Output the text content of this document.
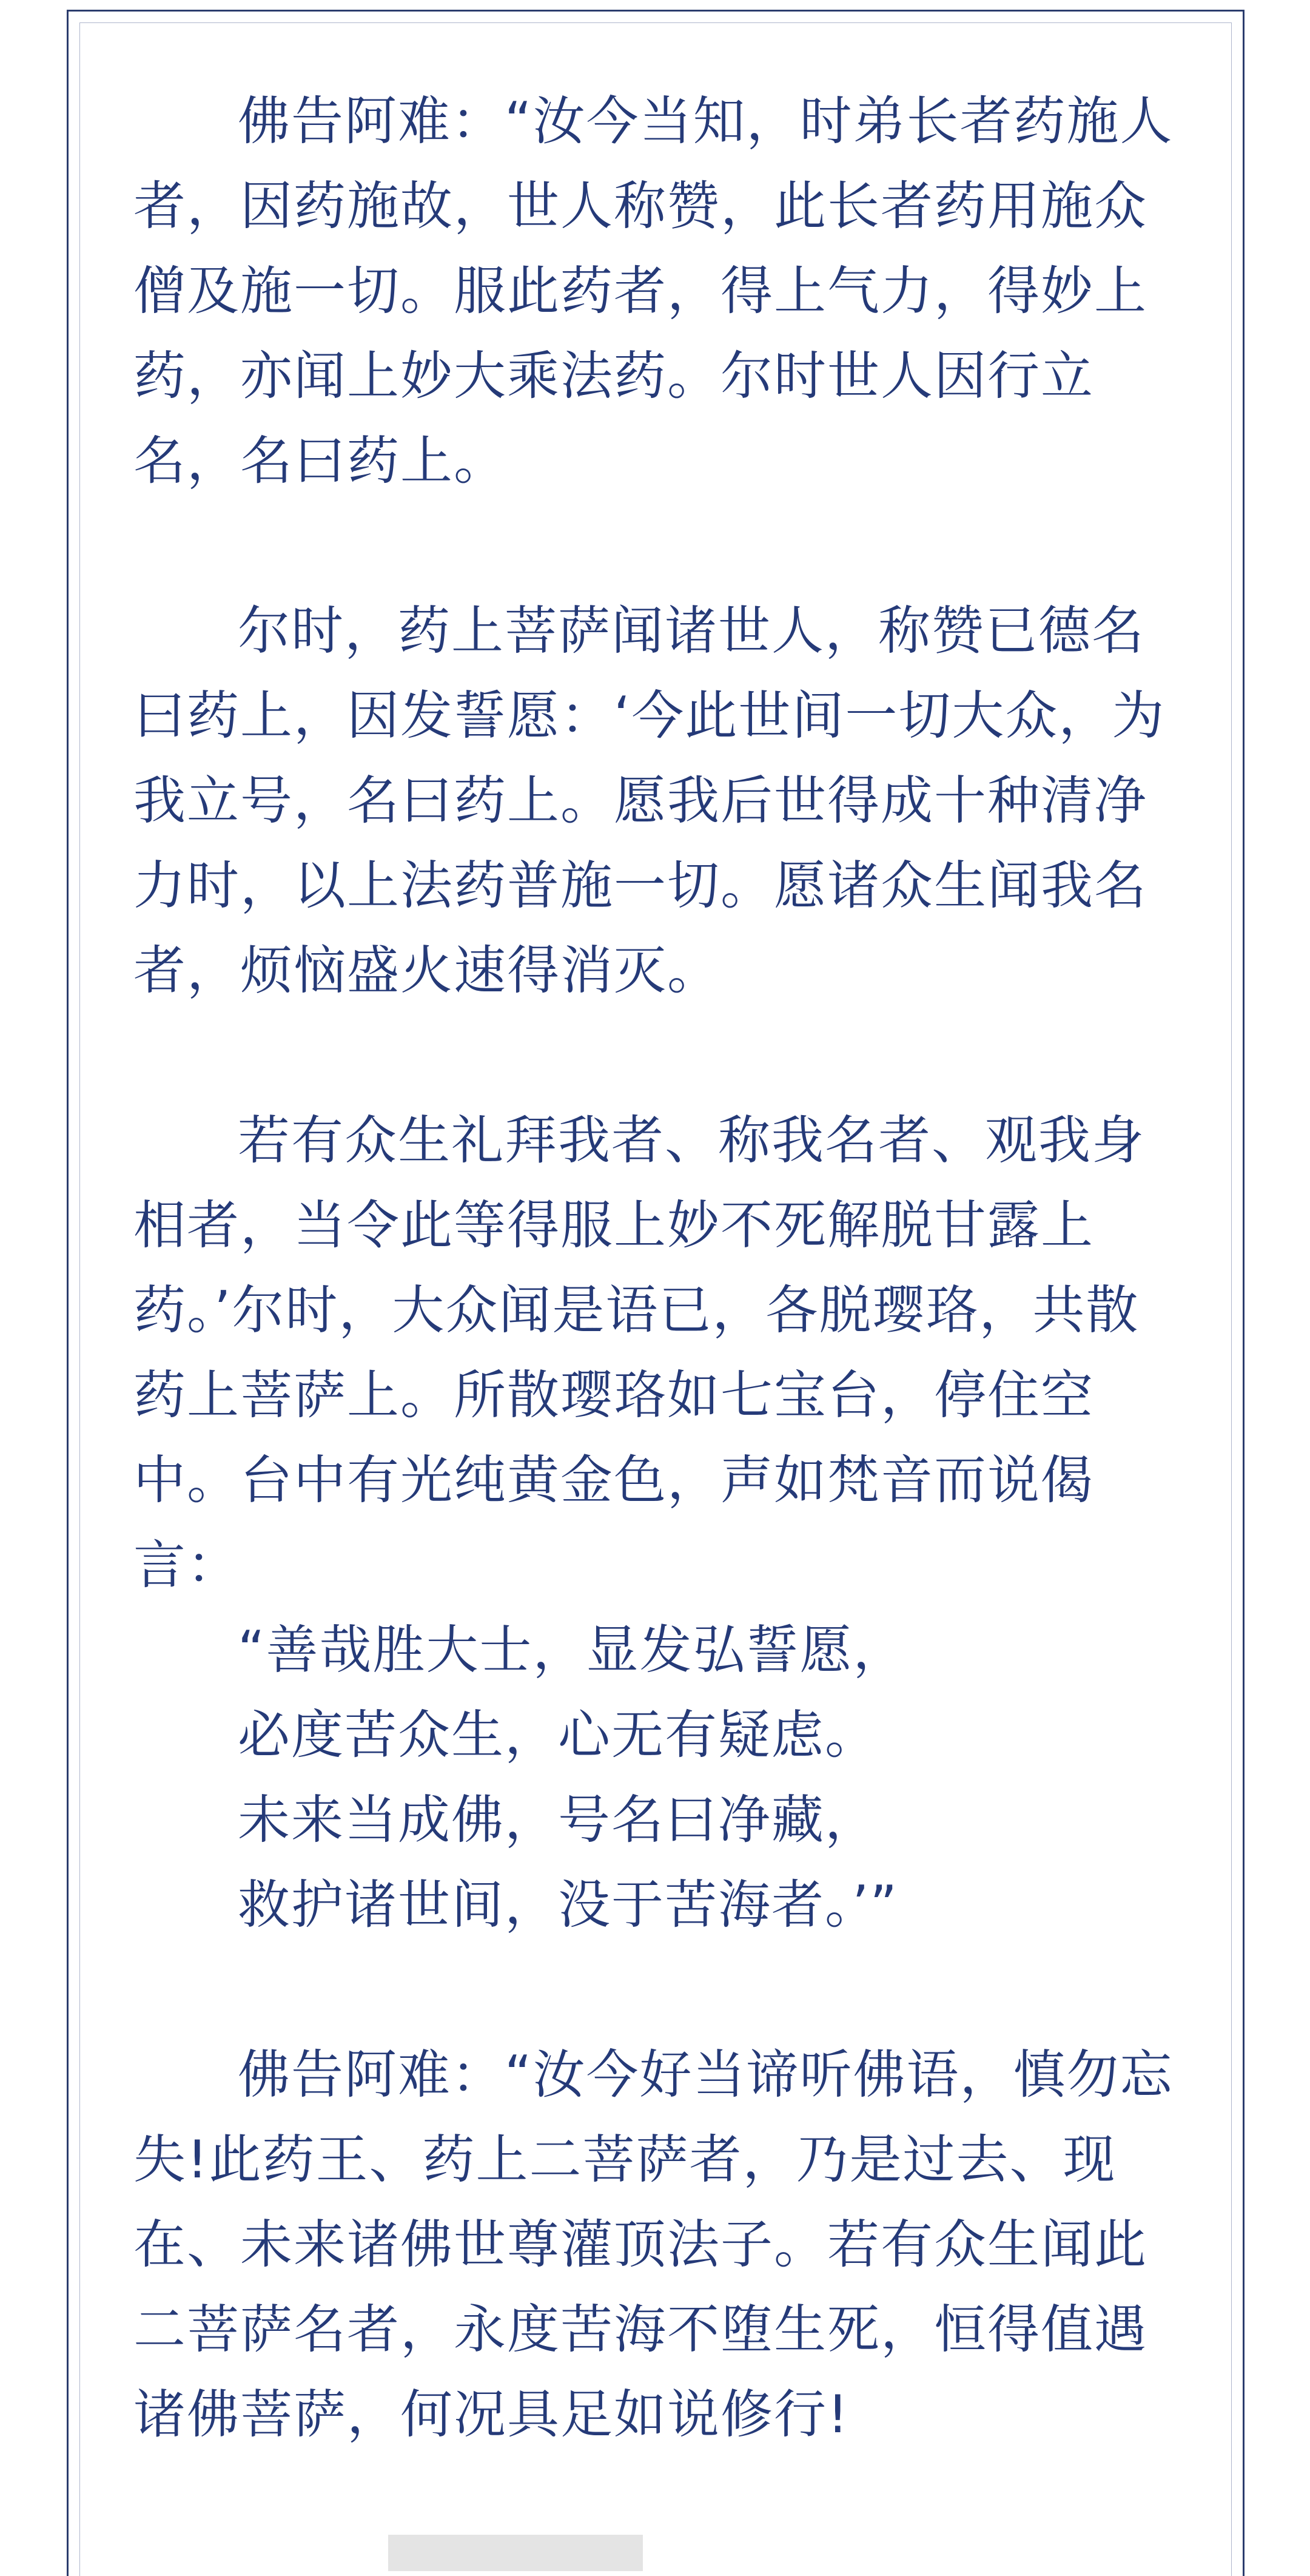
佛告阿难：“汝今当知，时弟长者药施人者，因药施故，世人称赞，此长者药用施众僧及施一切。服此药者，得上气力，得妙上药，亦闻上妙大乘法药。尔时世人因行立名，名曰药上。

尔时，药上菩萨闻诸世人，称赞已德名曰药上，因发誓愿：‘今此世间一切大众，为我立号，名曰药上。愿我后世得成十种清净力时，以上法药普施一切。愿诸众生闻我名者，烦恼盛火速得消灭。

若有众生礼拜我者、称我名者、观我身相者，当令此等得服上妙不死解脱甘露上药。’尔时，大众闻是语已，各脱璎珞，共散药上菩萨上。所散璎珞如七宝台，停住空中。台中有光纯黄金色，声如梵音而说偈言：

“善哉胜大士，显发弘誓愿，
必度苦众生，心无有疑虑。
未来当成佛，号名曰净藏，
救护诸世间，没于苦海者。’”

佛告阿难：“汝今好当谛听佛语，慎勿忘失!此药王、药上二菩萨者，乃是过去、现在、未来诸佛世尊灌顶法子。若有众生闻此二菩萨名者，永度苦海不堕生死，恒得值遇诸佛菩萨，何况具足如说修行!
